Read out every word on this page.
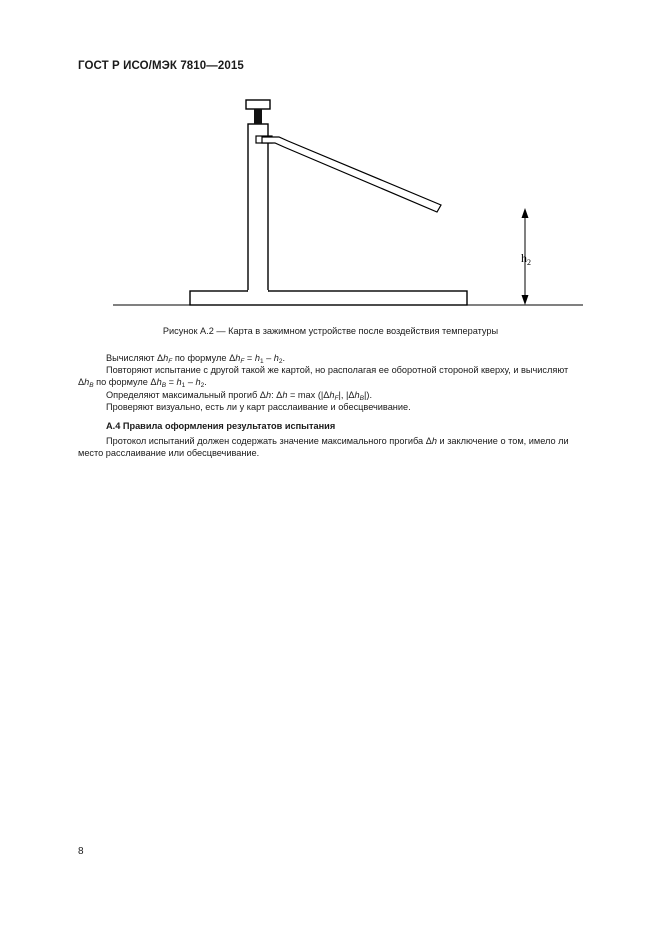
ГОСТ Р ИСО/МЭК 7810—2015
$h_2$
Рисунок А.2 — Карта в зажимном устройстве после воздействия температуры
Вычисляют $\Delta h_F$ по формуле $\Delta h_F = h_1 - h_2$.
Повторяют испытание с другой такой же картой, но располагая ее оборотной стороной кверху, и вычисляют
$\Delta h_B$ по формуле $\Delta h_B = h_1 - h_2$.
Определяют максимальный прогиб Δh: $\Delta h = \max (|\Delta h_F|$, $|\Delta h_B|$).
Проверяют визуально, есть ли у карт расслаивание и обесцвечивание.
А.4 Правила оформления результатов испытания
Протокол испытаний должен содержать значение максимального прогиба Δh и заключение о том, имело ли
место расслаивание или обесцвечивание.
8
